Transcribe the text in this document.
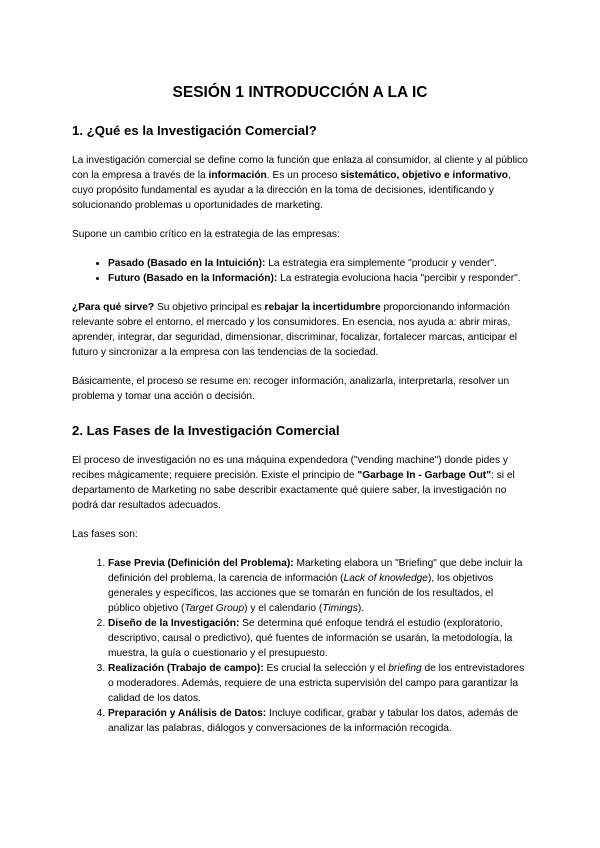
SESIÓN 1 INTRODUCCIÓN A LA IC
1. ¿Qué es la Investigación Comercial?

La investigación comercial se define como la función que enlaza al consumidor, al cliente y al público con la empresa a través de la información. Es un proceso sistemático, objetivo e informativo, cuyo propósito fundamental es ayudar a la dirección en la toma de decisiones, identificando y solucionando problemas u oportunidades de marketing.

Supone un cambio crítico en la estrategia de las empresas:

• Pasado (Basado en la Intuición): La estrategia era simplemente "producir y vender".
• Futuro (Basado en la Información): La estrategia evoluciona hacia "percibir y responder".

¿Para qué sirve? Su objetivo principal es rebajar la incertidumbre proporcionando información relevante sobre el entorno, el mercado y los consumidores. En esencia, nos ayuda a: abrir miras, aprender, integrar, dar seguridad, dimensionar, discriminar, focalizar, fortalecer marcas, anticipar el futuro y sincronizar a la empresa con las tendencias de la sociedad.

Básicamente, el proceso se resume en: recoger información, analizarla, interpretarla, resolver un problema y tomar una acción o decisión.

2. Las Fases de la Investigación Comercial

El proceso de investigación no es una máquina expendedora ("vending machine") donde pides y recibes mágicamente; requiere precisión. Existe el principio de "Garbage In - Garbage Out": si el departamento de Marketing no sabe describir exactamente qué quiere saber, la investigación no podrá dar resultados adecuados.

Las fases son:

1. Fase Previa (Definición del Problema): Marketing elabora un "Briefing" que debe incluir la definición del problema, la carencia de información (Lack of knowledge), los objetivos generales y específicos, las acciones que se tomarán en función de los resultados, el público objetivo (Target Group) y el calendario (Timings).
2. Diseño de la Investigación: Se determina qué enfoque tendrá el estudio (exploratorio, descriptivo, causal o predictivo), qué fuentes de información se usarán, la metodología, la muestra, la guía o cuestionario y el presupuesto.
3. Realización (Trabajo de campo): Es crucial la selección y el briefing de los entrevistadores o moderadores. Además, requiere de una estricta supervisión del campo para garantizar la calidad de los datos.
4. Preparación y Análisis de Datos: Incluye codificar, grabar y tabular los datos, además de analizar las palabras, diálogos y conversaciones de la información recogida.
